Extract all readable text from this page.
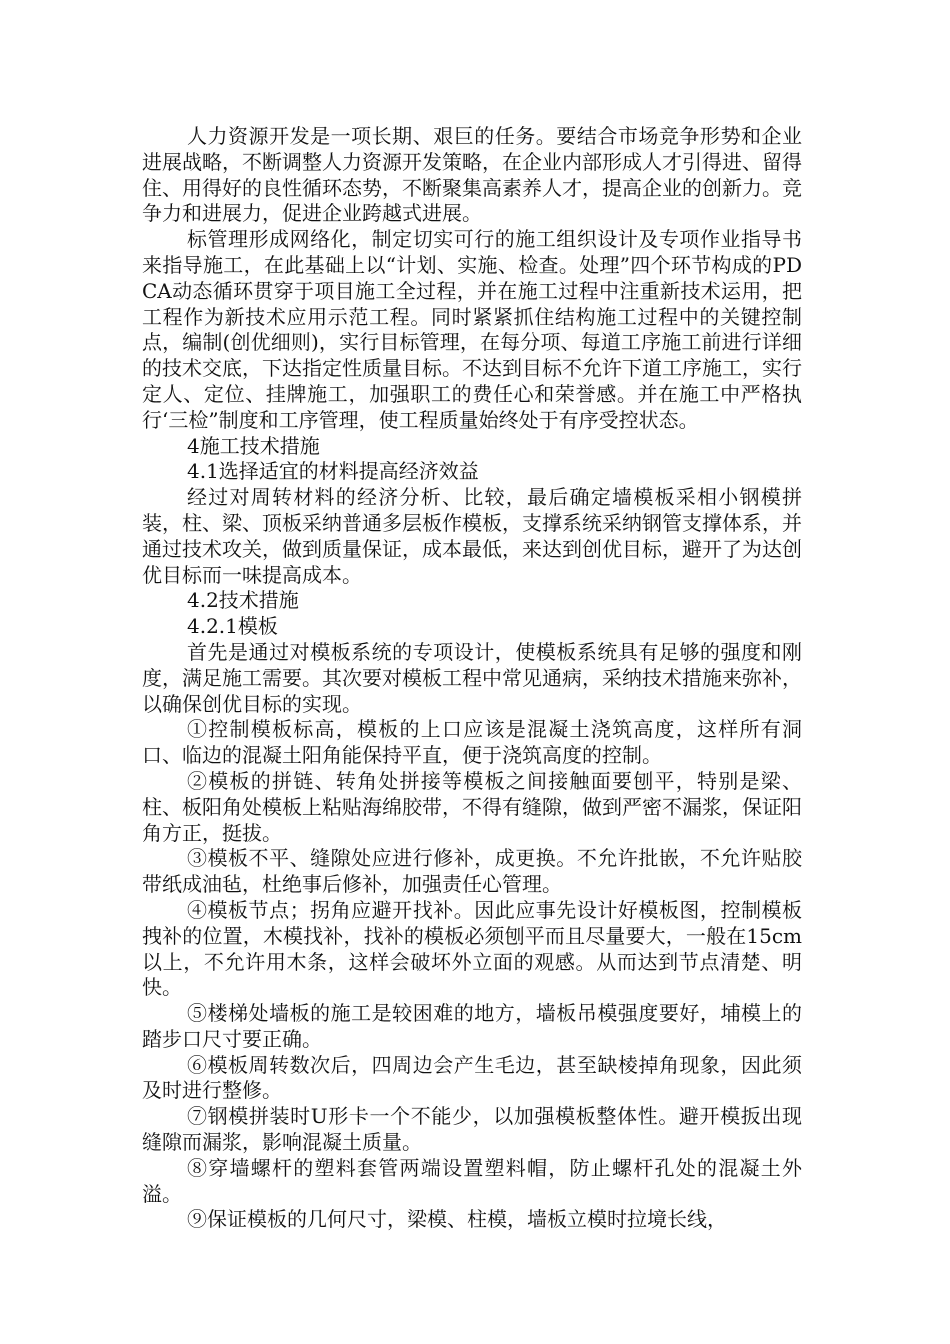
人力资源开发是一项长期、艰巨的任务。要结合市场竞争形势和企业进展战略，不断调整人力资源开发策略，在企业内部形成人才引得进、留得住、用得好的良性循环态势，不断聚集高素养人才，提高企业的创新力。竞争力和进展力，促进企业跨越式进展。

标管理形成网络化，制定切实可行的施工组织设计及专项作业指导书来指导施工，在此基础上以“计划、实施、检查。处理”四个环节构成的PDCA动态循环贯穿于项目施工全过程，并在施工过程中注重新技术运用，把工程作为新技术应用示范工程。同时紧紧抓住结构施工过程中的关键控制点，编制(创优细则)，实行目标管理，在每分项、每道工序施工前进行详细的技术交底，下达指定性质量目标。不达到目标不允许下道工序施工，实行定人、定位、挂牌施工，加强职工的费任心和荣誉感。并在施工中严格执行‘三检”制度和工序管理，使工程质量始终处于有序受控状态。

4施工技术措施

4.1选择适宜的材料提高经济效益

经过对周转材料的经济分析、比较，最后确定墙模板采相小钢模拼装，柱、梁、顶板采纳普通多层板作模板，支撑系统采纳钢管支撑体系，并通过技术攻关，做到质量保证，成本最低，来达到创优目标，避开了为达创优目标而一味提高成本。

4.2技术措施

4.2.1模板

首先是通过对模板系统的专项设计，使模板系统具有足够的强度和刚度，满足施工需要。其次要对模板工程中常见通病，采纳技术措施来弥补，以确保创优目标的实现。

①控制模板标高，模板的上口应该是混凝土浇筑高度，这样所有洞口、临边的混凝土阳角能保持平直，便于浇筑高度的控制。

②模板的拼链、转角处拼接等模板之间接触面要刨平，特别是梁、柱、板阳角处模板上粘贴海绵胶带，不得有缝隙，做到严密不漏浆，保证阳角方正，挺拔。

③模板不平、缝隙处应进行修补，成更换。不允许批嵌，不允许贴胶带纸成油毡，杜绝事后修补，加强责任心管理。

④模板节点；拐角应避开找补。因此应事先设计好模板图，控制模板拽补的位置，木模找补，找补的模板必须刨平而且尽量要大，一般在15cm以上，不允许用木条，这样会破坏外立面的观感。从而达到节点清楚、明快。

⑤楼梯处墙板的施工是较困难的地方，墙板吊模强度要好，埔模上的踏步口尺寸要正确。

⑥模板周转数次后，四周边会产生毛边，甚至缺棱掉角现象，因此须及时进行整修。

⑦钢模拼装时U形卡一个不能少，以加强模板整体性。避开模扳出现缝隙而漏浆，影响混凝土质量。

⑧穿墙螺杆的塑料套管两端设置塑料帽，防止螺杆孔处的混凝土外溢。

⑨保证模板的几何尺寸，梁模、柱模，墙板立模时拉境长线，
